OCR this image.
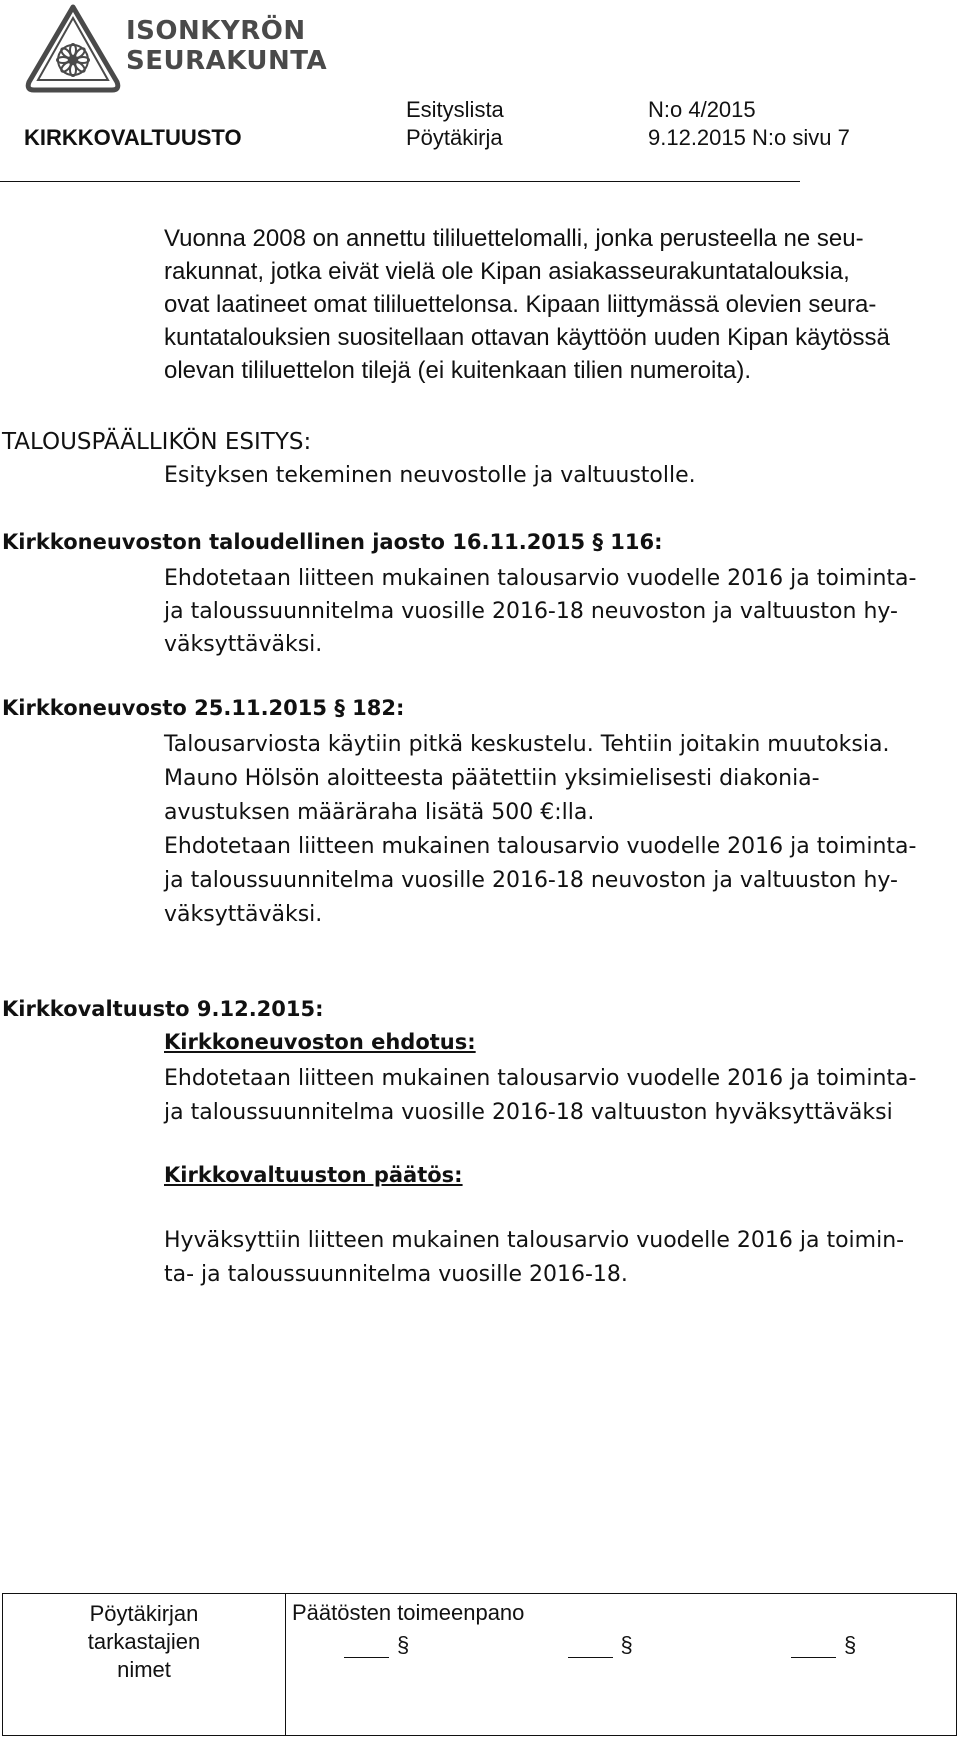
ISONKYRÖN
SEURAKUNTA
Esityslista	N:o 4/2015
KIRKKOVALTUUSTO	Pöytäkirja	9.12.2015 N:o sivu 7
Vuonna 2008 on annettu tililuettelomalli, jonka perusteella ne seu-
rakunnat, jotka eivät vielä ole Kipan asiakasseurakuntatalouksia,
ovat laatineet omat tililuettelonsa. Kipaan liittymässä olevien seura-
kuntatalouksien suositellaan ottavan käyttöön uuden Kipan käytössä
olevan tililuettelon tilejä (ei kuitenkaan tilien numeroita).
TALOUSPÄÄLLIKÖN ESITYS:
Esityksen tekeminen neuvostolle ja valtuustolle.
Kirkkoneuvoston taloudellinen jaosto 16.11.2015 § 116:
Ehdotetaan liitteen mukainen talousarvio vuodelle 2016 ja toiminta-
ja taloussuunnitelma vuosille 2016-18 neuvoston ja valtuuston hy-
väksyttäväksi.
Kirkkoneuvosto 25.11.2015 § 182:
Talousarviosta käytiin pitkä keskustelu. Tehtiin joitakin muutoksia.
Mauno Hölsön aloitteesta päätettiin yksimielisesti diakonia-
avustuksen määräraha lisätä 500 €:lla.
Ehdotetaan liitteen mukainen talousarvio vuodelle 2016 ja toiminta-
ja taloussuunnitelma vuosille 2016-18 neuvoston ja valtuuston hy-
väksyttäväksi.
Kirkkovaltuusto 9.12.2015:
Kirkkoneuvoston ehdotus:
Ehdotetaan liitteen mukainen talousarvio vuodelle 2016 ja toiminta-
ja taloussuunnitelma vuosille 2016-18 valtuuston hyväksyttäväksi
Kirkkovaltuuston päätös:
Hyväksyttiin liitteen mukainen talousarvio vuodelle 2016 ja toimin-
ta- ja taloussuunnitelma vuosille 2016-18.
Pöytäkirjan
tarkastajien
nimet

Päätösten toimeenpano
§	§	§
